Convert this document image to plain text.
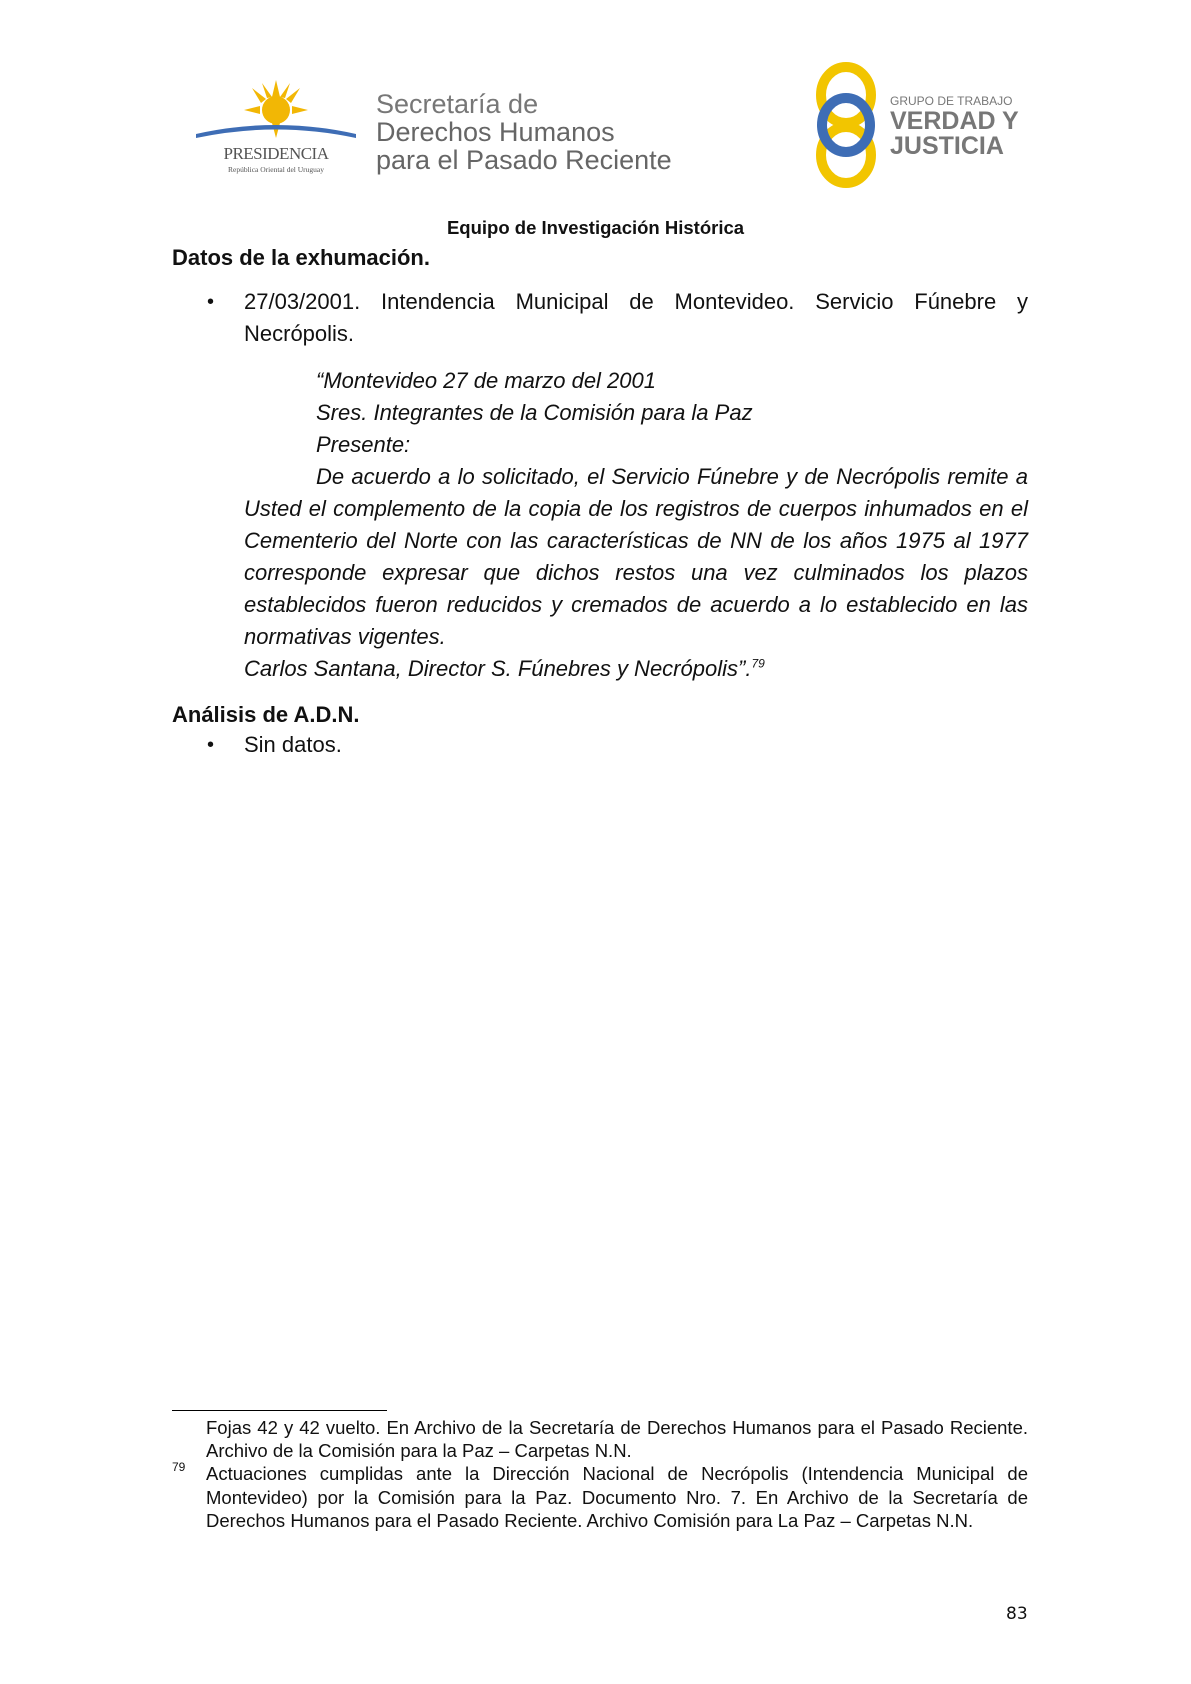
PRESIDENCIA
República Oriental del Uruguay
Secretaría de
Derechos Humanos
para el Pasado Reciente
GRUPO DE TRABAJO
VERDAD Y
JUSTICIA
Equipo de Investigación Histórica
Datos de la exhumación.
• 27/03/2001. Intendencia Municipal de Montevideo. Servicio Fúnebre y Necrópolis.
“Montevideo 27 de marzo del 2001
Sres. Integrantes de la Comisión para la Paz
Presente:
De acuerdo a lo solicitado, el Servicio Fúnebre y de Necrópolis remite a Usted el complemento de la copia de los registros de cuerpos inhumados en el Cementerio del Norte con las características de NN de los años 1975 al 1977 corresponde expresar que dichos restos una vez culminados los plazos establecidos fueron reducidos y cremados de acuerdo a lo establecido en las normativas vigentes.
Carlos Santana, Director S. Fúnebres y Necrópolis”.$^{79}$
Análisis de A.D.N.
• Sin datos.
Fojas 42 y 42 vuelto. En Archivo de la Secretaría de Derechos Humanos para el Pasado Reciente. Archivo de la Comisión para la Paz – Carpetas N.N.
79 Actuaciones cumplidas ante la Dirección Nacional de Necrópolis (Intendencia Municipal de Montevideo) por la Comisión para la Paz. Documento Nro. 7. En Archivo de la Secretaría de Derechos Humanos para el Pasado Reciente. Archivo Comisión para La Paz – Carpetas N.N.
83
